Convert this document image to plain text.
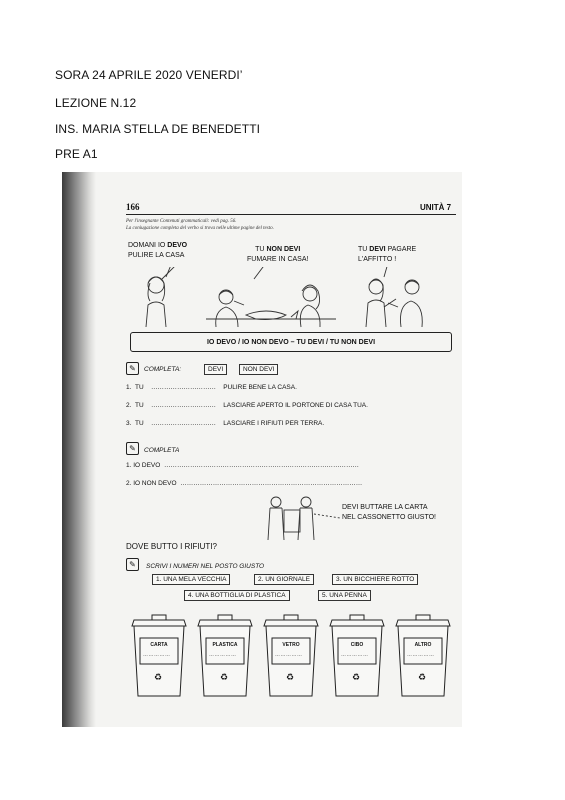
SORA 24 APRILE 2020 VENERDI’
LEZIONE N.12
INS. MARIA STELLA DE BENEDETTI
PRE A1
166	UNITÀ 7
Per l'insegnante Contenuti grammaticali: vedi pag. 56.
La coniugazione completa del verbo si trova nelle ultime pagine del testo.
DOMANI IO DEVO
PULIRE LA CASA
TU NON DEVI
FUMARE IN CASA!
TU DEVI PAGARE
L'AFFITTO !
IO DEVO / IO NON DEVO – TU DEVI / TU NON DEVI
✎	COMPLETA:	DEVI	NON DEVI
1. TU ………………………… PULIRE BENE LA CASA.
2. TU ………………………… LASCIARE APERTO IL PORTONE DI CASA TUA.
3. TU ………………………… LASCIARE I RIFIUTI PER TERRA.
✎	COMPLETA
1. IO DEVO ………………………………………………………………………………
2. IO NON DEVO …………………………………………………………………………
DEVI BUTTARE LA CARTA
NEL CASSONETTO GIUSTO!
DOVE BUTTO I RIFIUTI?
✎	SCRIVI I NUMERI NEL POSTO GIUSTO
1. UNA MELA VECCHIA	2. UN GIORNALE	3. UN BICCHIERE ROTTO
4. UNA BOTTIGLIA DI PLASTICA	5. UNA PENNA
CARTA	PLASTICA	VETRO	CIBO	ALTRO
……………	……………	……………	……………	……………
♻	♻	♻	♻	♻
